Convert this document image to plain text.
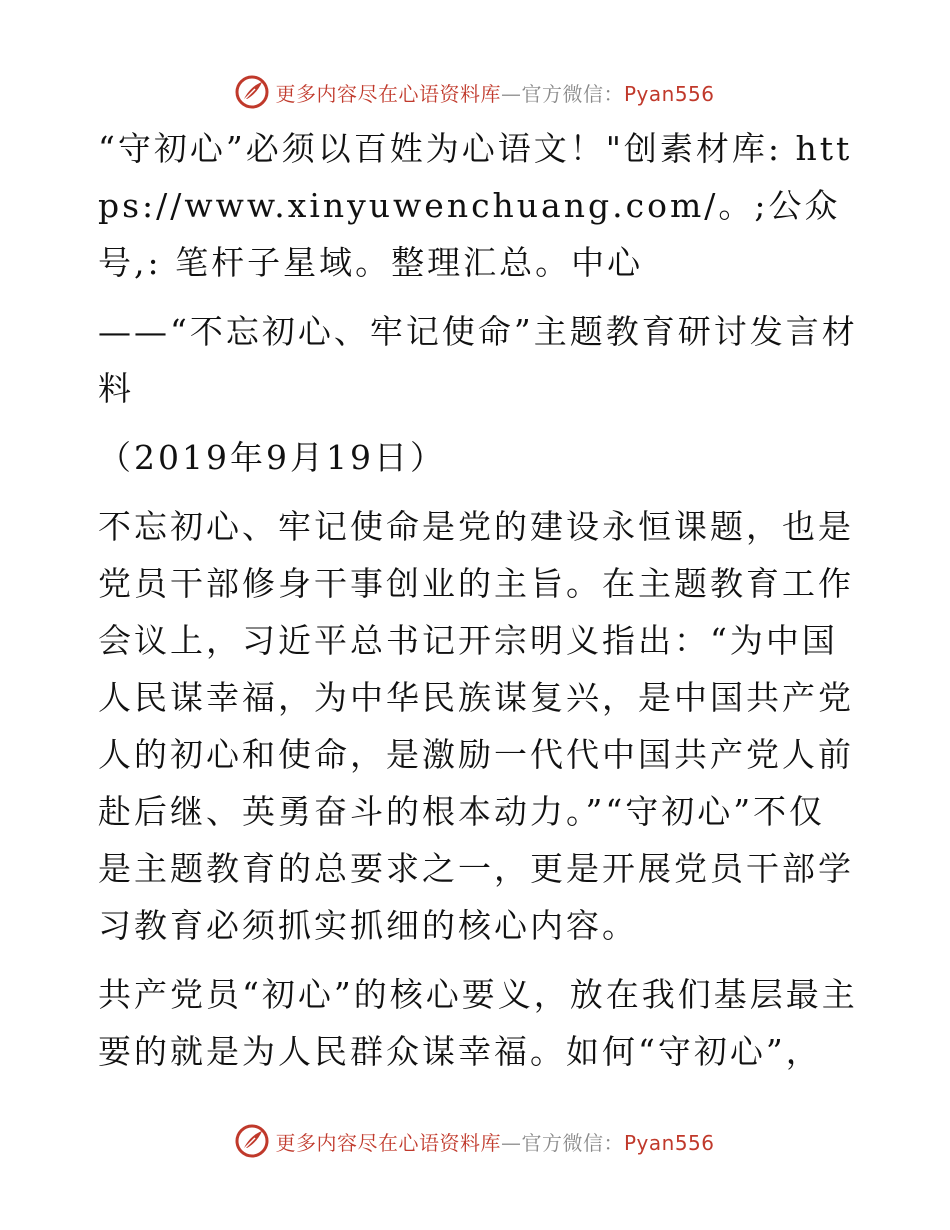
更多内容尽在心语资料库—官方微信：Pyan556

“守初心”必须以百姓为心语文！"创素材库: https://www.xinyuwenchuang.com/。;公众号,: 笔杆子星域。整理汇总。中心

——“不忘初心、牢记使命”主题教育研讨发言材料

（2019年9月19日）

不忘初心、牢记使命是党的建设永恒课题，也是党员干部修身干事创业的主旨。在主题教育工作会议上，习近平总书记开宗明义指出：“为中国人民谋幸福，为中华民族谋复兴，是中国共产党人的初心和使命，是激励一代代中国共产党人前赴后继、英勇奋斗的根本动力。”“守初心”不仅是主题教育的总要求之一，更是开展党员干部学习教育必须抓实抓细的核心内容。

共产党员“初心”的核心要义，放在我们基层最主要的就是为人民群众谋幸福。如何“守初心”，

更多内容尽在心语资料库—官方微信：Pyan556
